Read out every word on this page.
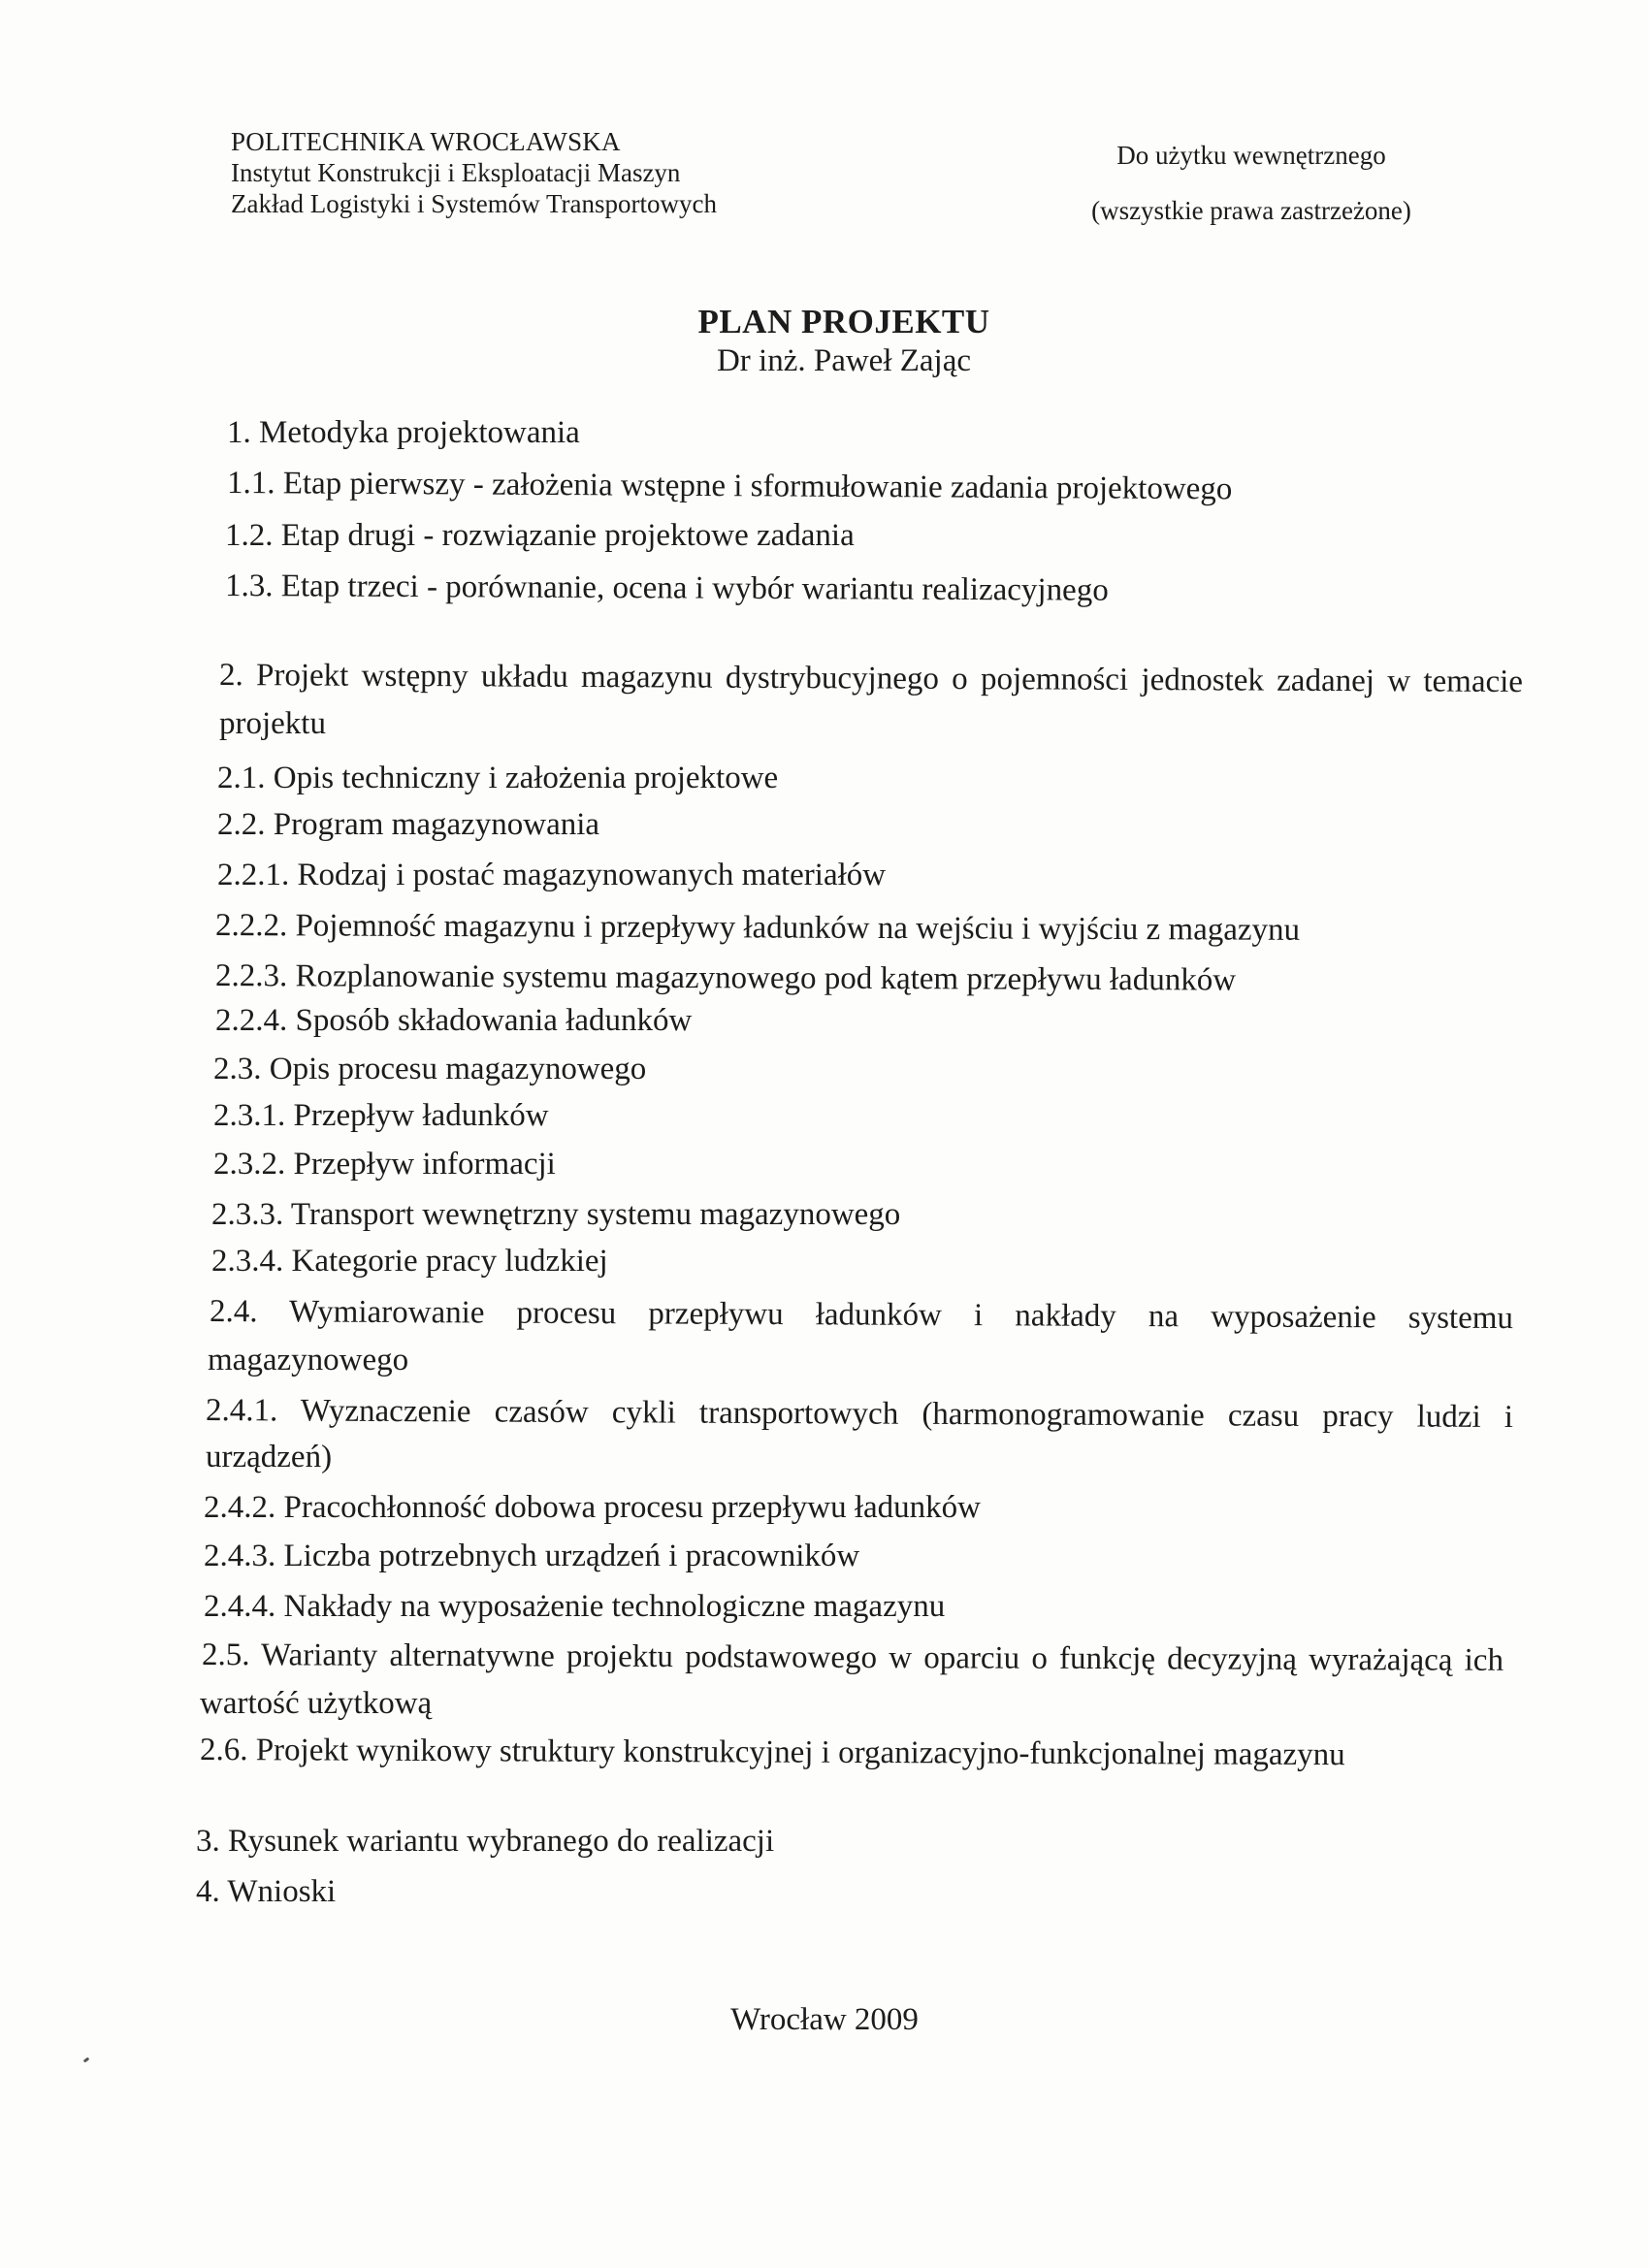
POLITECHNIKA WROCŁAWSKA
Instytut Konstrukcji i Eksploatacji Maszyn
Zakład Logistyki i Systemów Transportowych
Do użytku wewnętrznego
(wszystkie prawa zastrzeżone)
PLAN PROJEKTU
Dr inż. Paweł Zając
1. Metodyka projektowania
1.1. Etap pierwszy - założenia wstępne i sformułowanie zadania projektowego
1.2. Etap drugi - rozwiązanie projektowe zadania
1.3. Etap trzeci - porównanie, ocena i wybór wariantu realizacyjnego
2. Projekt wstępny układu magazynu dystrybucyjnego o pojemności jednostek zadanej w temacie
projektu
2.1. Opis techniczny i założenia projektowe
2.2. Program magazynowania
2.2.1. Rodzaj i postać magazynowanych materiałów
2.2.2. Pojemność magazynu i przepływy ładunków na wejściu i wyjściu z magazynu
2.2.3. Rozplanowanie systemu magazynowego pod kątem przepływu ładunków
2.2.4. Sposób składowania ładunków
2.3. Opis procesu magazynowego
2.3.1. Przepływ ładunków
2.3.2. Przepływ informacji
2.3.3. Transport wewnętrzny systemu magazynowego
2.3.4. Kategorie pracy ludzkiej
2.4. Wymiarowanie procesu przepływu ładunków i nakłady na wyposażenie systemu
magazynowego
2.4.1. Wyznaczenie czasów cykli transportowych (harmonogramowanie czasu pracy ludzi i
urządzeń)
2.4.2. Pracochłonność dobowa procesu przepływu ładunków
2.4.3. Liczba potrzebnych urządzeń i pracowników
2.4.4. Nakłady na wyposażenie technologiczne magazynu
2.5. Warianty alternatywne projektu podstawowego w oparciu o funkcję decyzyjną wyrażającą ich
wartość użytkową
2.6. Projekt wynikowy struktury konstrukcyjnej i organizacyjno-funkcjonalnej magazynu
3. Rysunek wariantu wybranego do realizacji
4. Wnioski
Wrocław 2009
